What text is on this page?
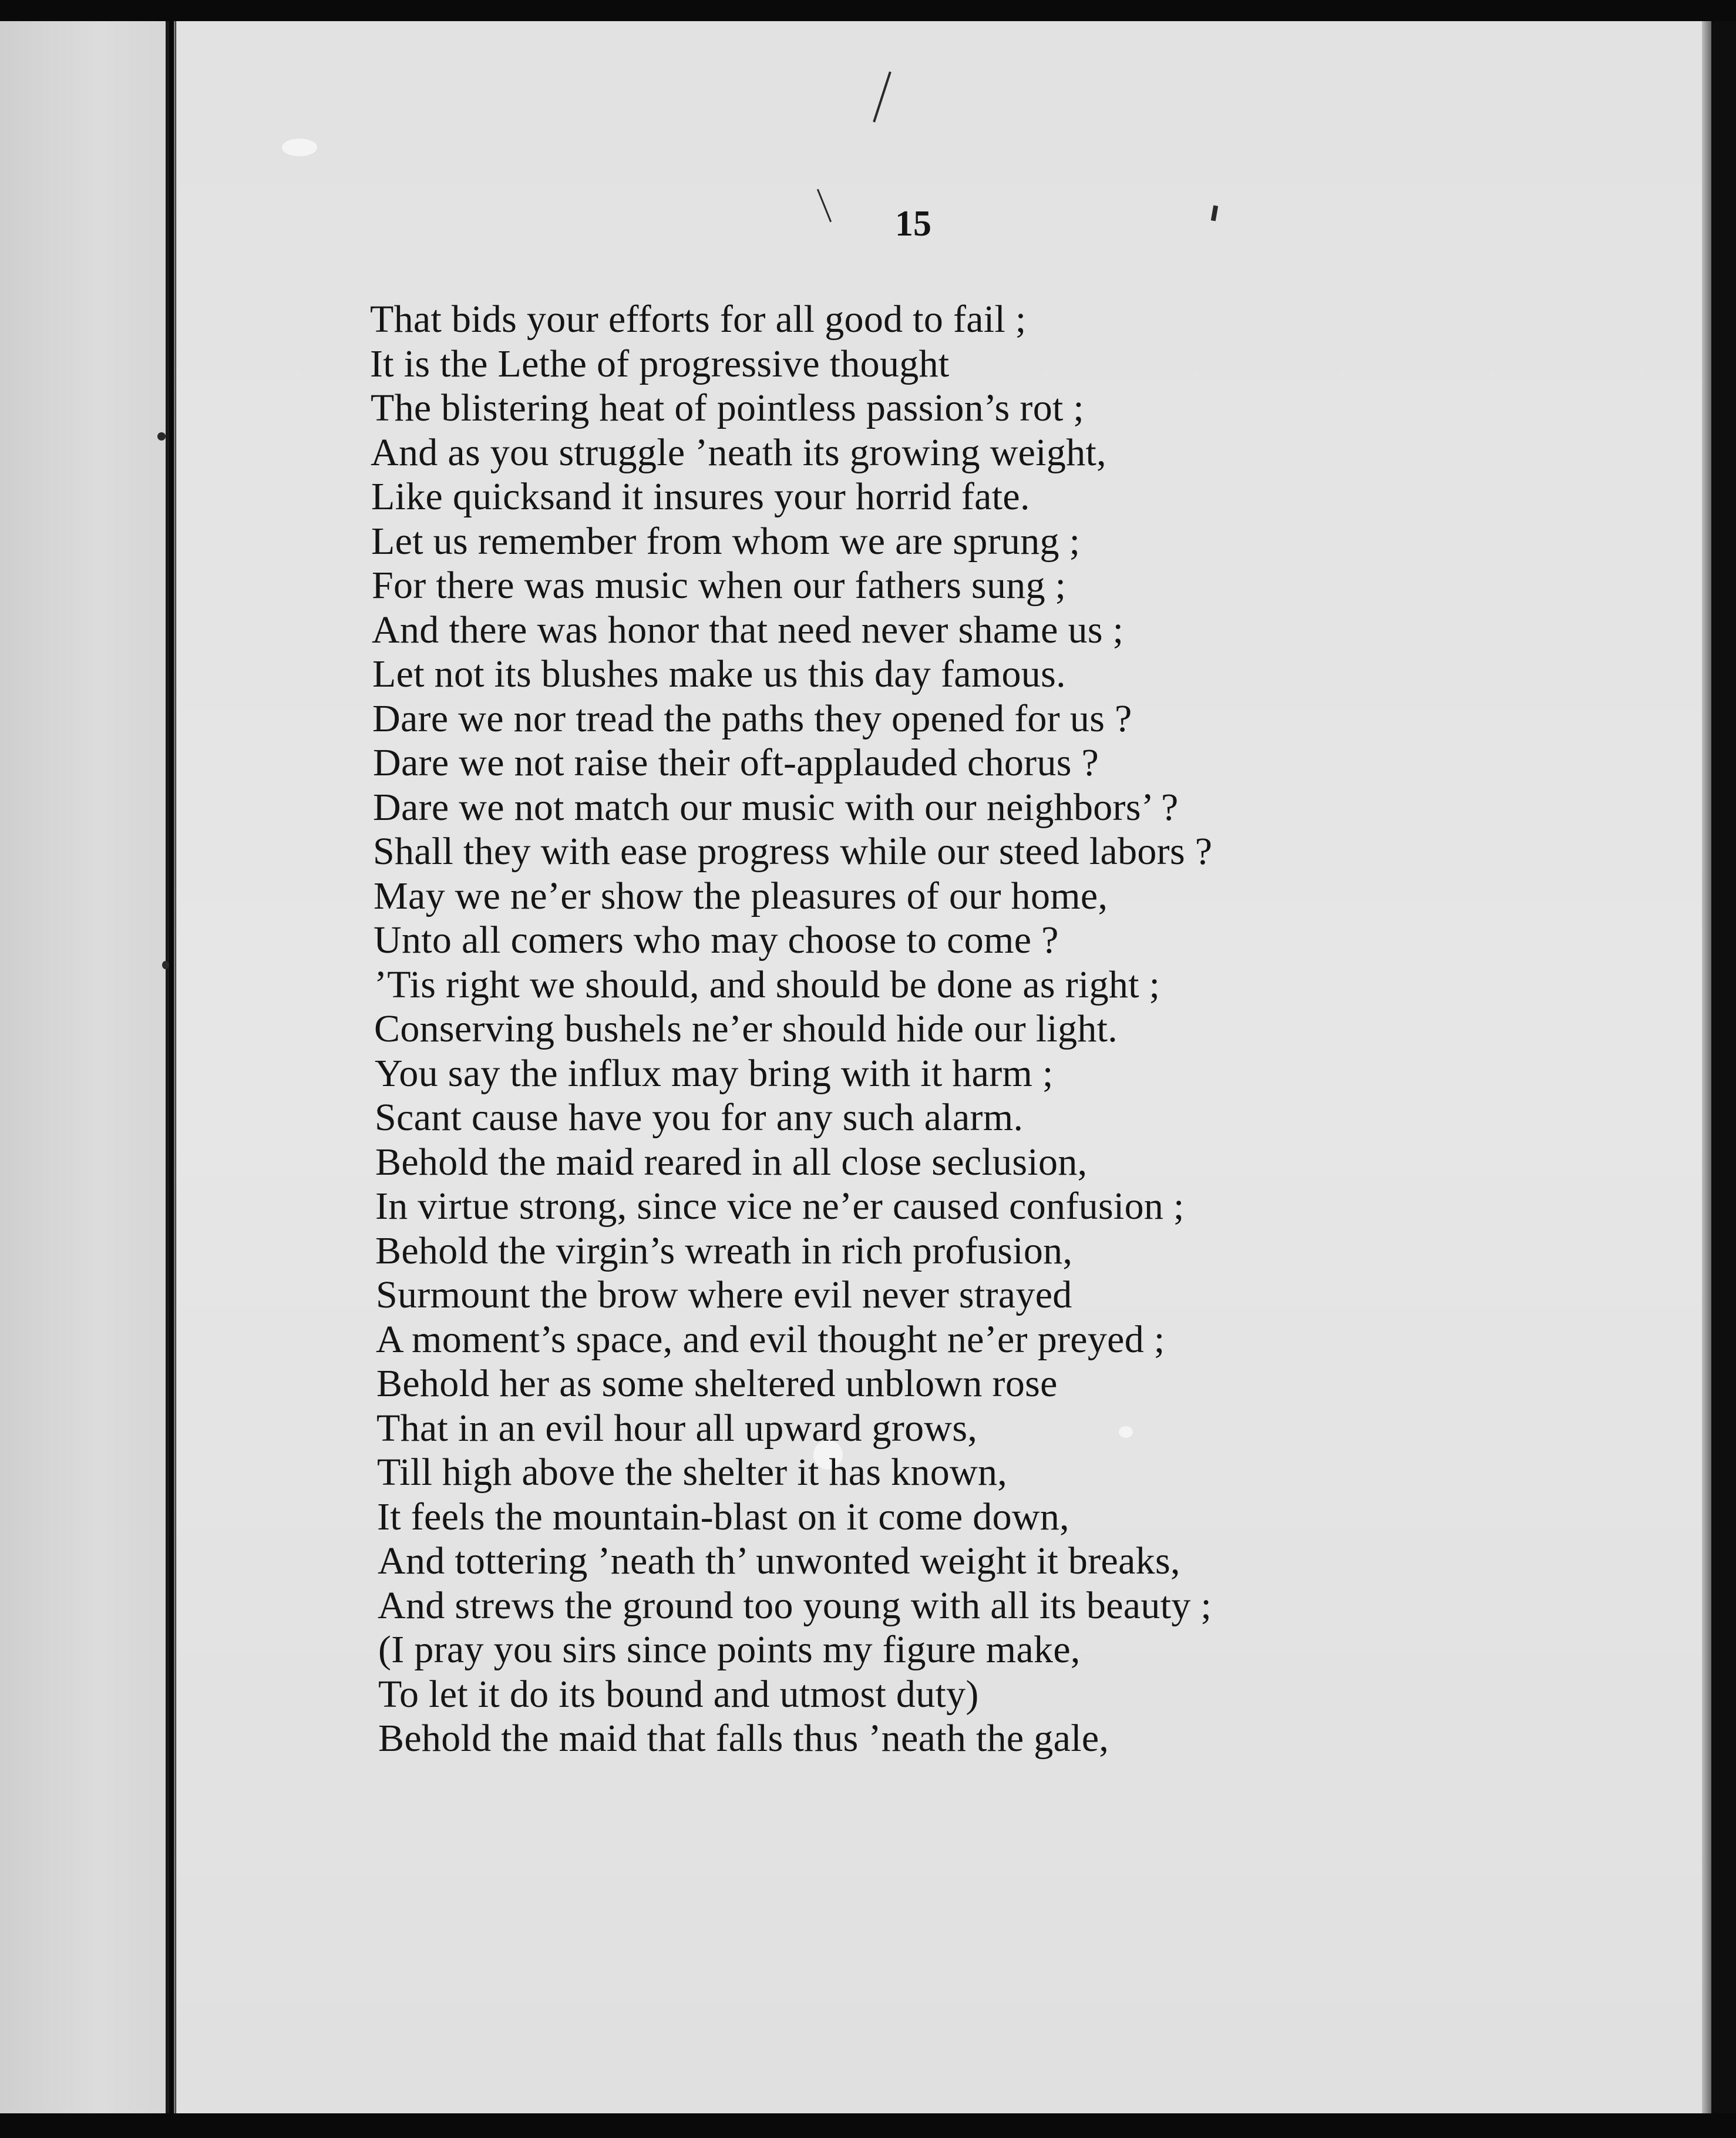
15
That bids your efforts for all good to fail ;
It is the Lethe of progressive thought
The blistering heat of pointless passion’s rot ;
And as you struggle ’neath its growing weight,
Like quicksand it insures your horrid fate.
Let us remember from whom we are sprung ;
For there was music when our fathers sung ;
And there was honor that need never shame us ;
Let not its blushes make us this day famous.
Dare we nor tread the paths they opened for us ?
Dare we not raise their oft-applauded chorus ?
Dare we not match our music with our neighbors’ ?
Shall they with ease progress while our steed labors ?
May we ne’er show the pleasures of our home,
Unto all comers who may choose to come ?
’Tis right we should, and should be done as right ;
Conserving bushels ne’er should hide our light.
You say the influx may bring with it harm ;
Scant cause have you for any such alarm.
Behold the maid reared in all close seclusion,
In virtue strong, since vice ne’er caused confusion ;
Behold the virgin’s wreath in rich profusion,
Surmount the brow where evil never strayed
A moment’s space, and evil thought ne’er preyed ;
Behold her as some sheltered unblown rose
That in an evil hour all upward grows,
Till high above the shelter it has known,
It feels the mountain-blast on it come down,
And tottering ’neath th’ unwonted weight it breaks,
And strews the ground too young with all its beauty ;
(I pray you sirs since points my figure make,
To let it do its bound and utmost duty)
Behold the maid that falls thus ’neath the gale,
